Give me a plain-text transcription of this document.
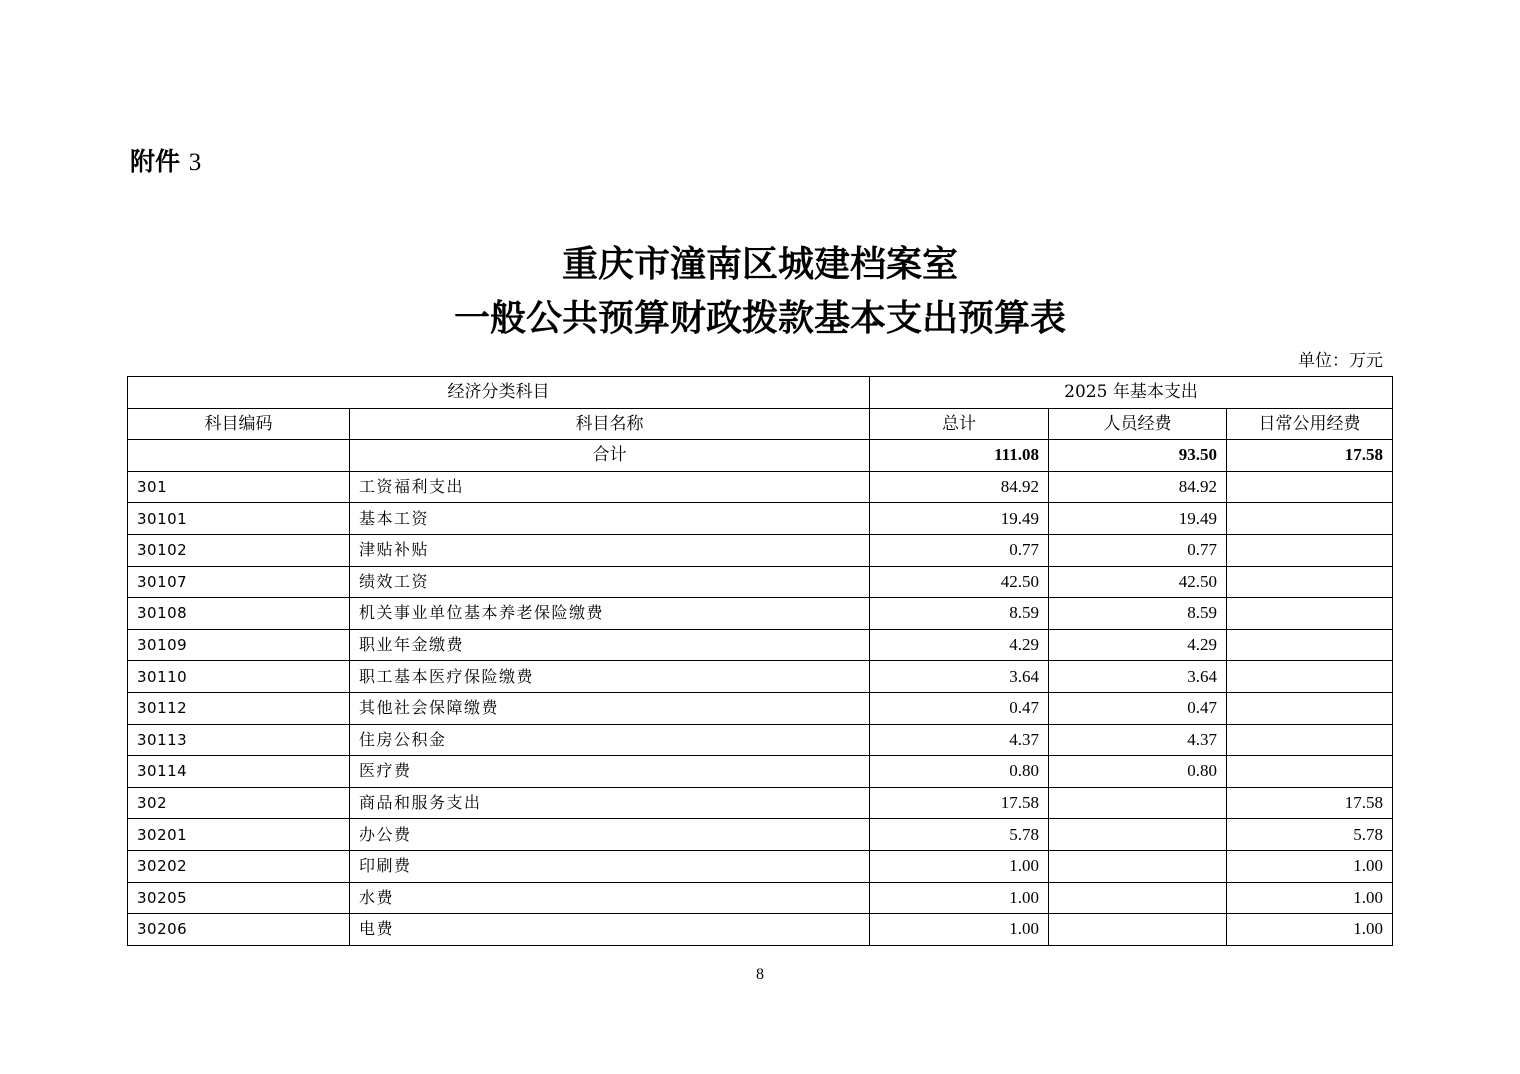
附件 3
重庆市潼南区城建档案室
一般公共预算财政拨款基本支出预算表
单位：万元
经济分类科目		2025 年基本支出		
科目编码	科目名称	总计	人员经费	日常公用经费
	合计	111.08	93.50	17.58
301	工资福利支出	84.92	84.92	
30101	基本工资	19.49	19.49	
30102	津贴补贴	0.77	0.77	
30107	绩效工资	42.50	42.50	
30108	机关事业单位基本养老保险缴费	8.59	8.59	
30109	职业年金缴费	4.29	4.29	
30110	职工基本医疗保险缴费	3.64	3.64	
30112	其他社会保障缴费	0.47	0.47	
30113	住房公积金	4.37	4.37	
30114	医疗费	0.80	0.80	
302	商品和服务支出	17.58		17.58
30201	办公费	5.78		5.78
30202	印刷费	1.00		1.00
30205	水费	1.00		1.00
30206	电费	1.00		1.00
8
